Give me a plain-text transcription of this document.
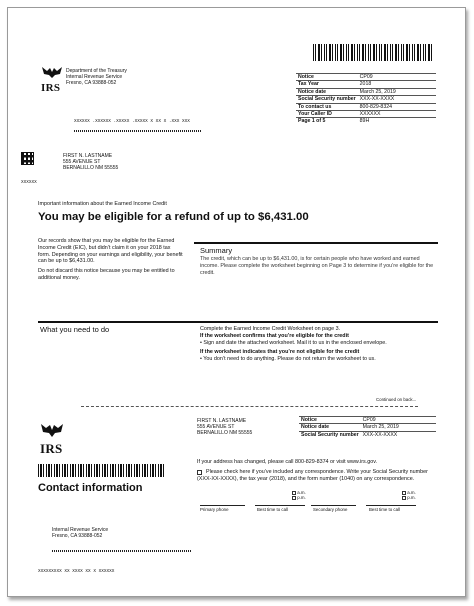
IRS
Department of the Treasury
Internal Revenue Service
Fresno, CA 93888-052
Notice	CP09
Tax Year	2018
Notice date	March 25, 2019
Social Security number	XXX-XX-XXXX
To contact us	800-829-8324
Your Caller ID	XXXXXX
Page 1 of 5	89H
XXXXXX .XXXXXX .XXXXX .XXXXX X XX X .XXX XXX
FIRST N. LASTNAME
555 AVENUE ST
BERNALILLO NM 55555
XXXXXX
Important information about the Earned Income Credit
You may be eligible for a refund of up to $6,431.00

Our records show that you may be eligible for the Earned Income Credit (EIC), but didn’t claim it on your 2018 tax form. Depending on your earnings and eligibility, your benefit can be up to $6,431.00.

Do not discard this notice because you may be entitled to additional money.

Summary
The credit, which can be up to $6,431.00, is for certain people who have worked and earned income. Please complete the worksheet beginning on Page 3 to determine if you’re eligible for the credit.
What you need to do	Complete the Earned Income Credit Worksheet on page 3.
If the worksheet confirms that you’re eligible for the credit
• Sign and date the attached worksheet. Mail it to us in the enclosed envelope.
If the worksheet indicates that you’re not eligible for the credit
• You don’t need to do anything. Please do not return the worksheet to us.
Continued on back...
IRS
FIRST N. LASTNAME
555 AVENUE ST
BERNALILLO NM 55555
Notice	CP09
Notice date	March 25, 2019
Social Security number	XXX-XX-XXXX
Contact information
If your address has changed, please call 800-829-8374 or visit www.irs.gov.
Please check here if you’ve included any correspondence. Write your Social Security number (XXX-XX-XXXX), the tax year (2018), and the form number (1040) on any correspondence.
a.m.
p.m.
a.m.
p.m.
Primary phone	Best time to call	Secondary phone	Best time to call
Internal Revenue Service
Fresno, CA 93888-052
XXXXXXXXX XX XXXX XX X XXXXXX
